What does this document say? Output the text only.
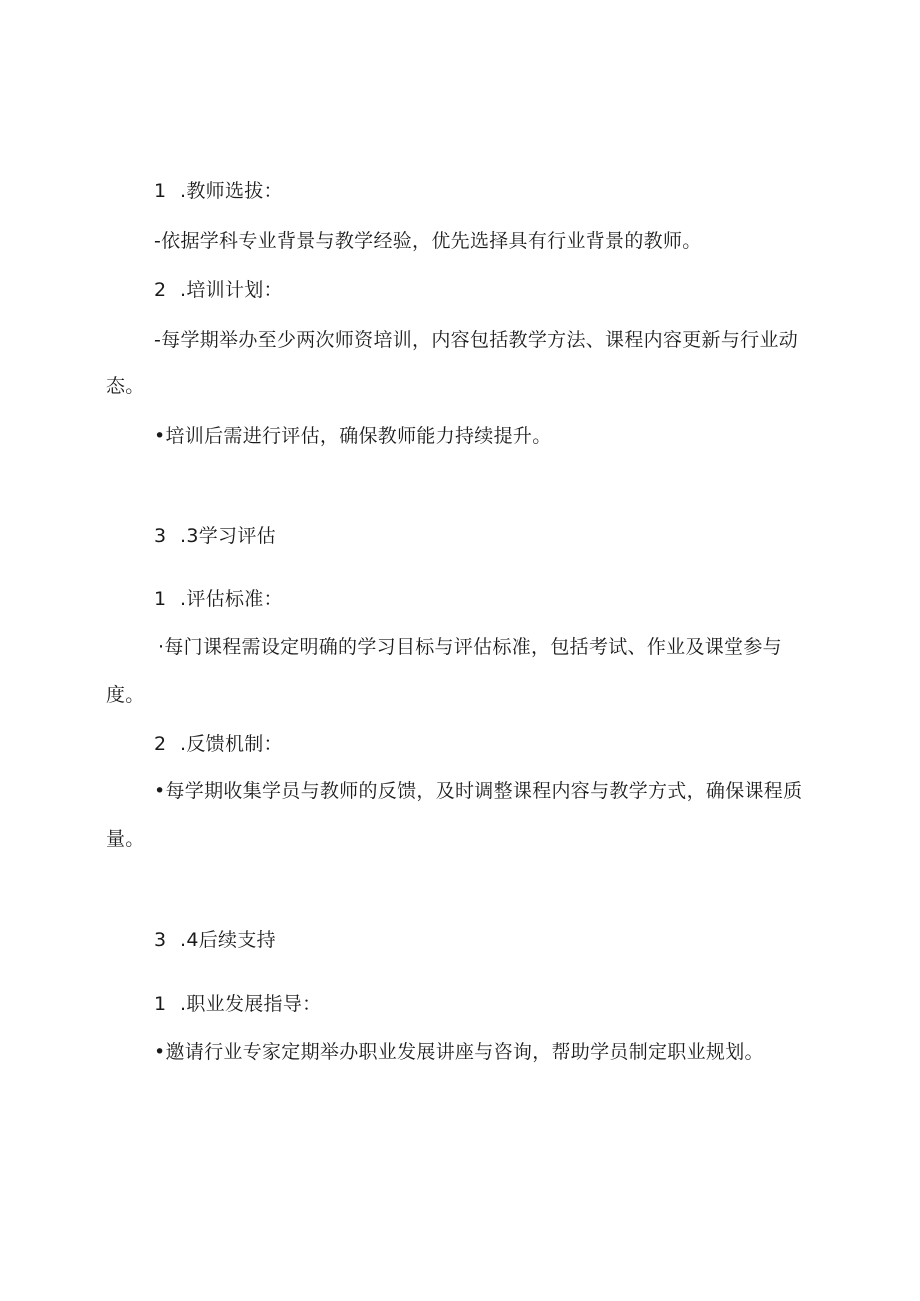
1 .教师选拔：
-依据学科专业背景与教学经验，优先选择具有行业背景的教师。
2 .培训计划：
-每学期举办至少两次师资培训，内容包括教学方法、课程内容更新与行业动
态。
•培训后需进行评估，确保教师能力持续提升。
3 .3学习评估
1 .评估标准：
·每门课程需设定明确的学习目标与评估标准，包括考试、作业及课堂参与
度。
2 .反馈机制：
•每学期收集学员与教师的反馈，及时调整课程内容与教学方式，确保课程质
量。
3 .4后续支持
1 .职业发展指导：
•邀请行业专家定期举办职业发展讲座与咨询，帮助学员制定职业规划。
